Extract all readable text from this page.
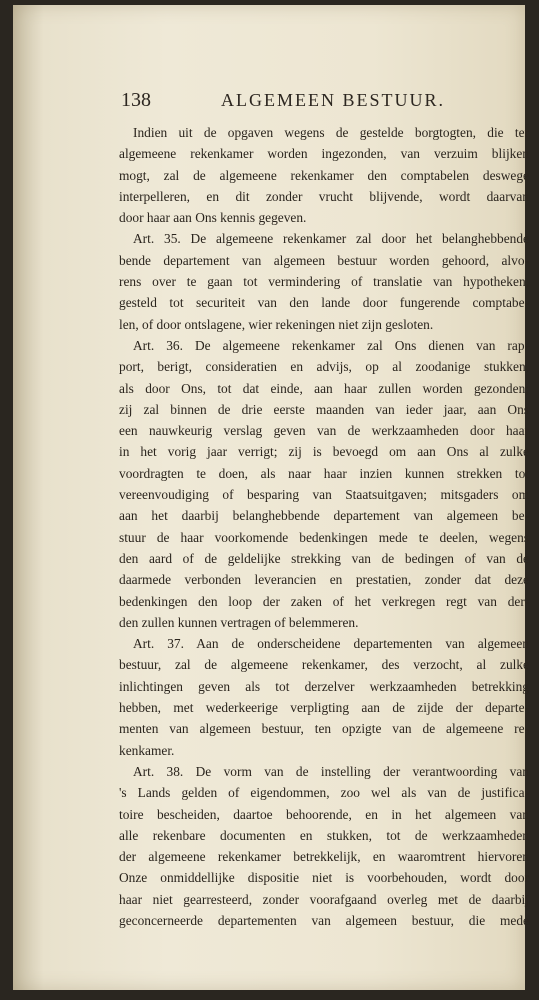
138	ALGEMEEN BESTUUR.
Indien uit de opgaven wegens de gestelde borgtogten, die ter
algemeene rekenkamer worden ingezonden, van verzuim blijken
mogt, zal de algemeene rekenkamer den comptabelen deswege
interpelleren, en dit zonder vrucht blijvende, wordt daarvan
door haar aan Ons kennis gegeven.
Art. 35. De algemeene rekenkamer zal door het belanghebbende
bende departement van algemeen bestuur worden gehoord, alvo-
rens over te gaan tot vermindering of translatie van hypotheken,
gesteld tot securiteit van den lande door fungerende comptabe-
len, of door ontslagene, wier rekeningen niet zijn gesloten.
Art. 36. De algemeene rekenkamer zal Ons dienen van rap-
port, berigt, consideratien en advijs, op al zoodanige stukken,
als door Ons, tot dat einde, aan haar zullen worden gezonden;
zij zal binnen de drie eerste maanden van ieder jaar, aan Ons
een nauwkeurig verslag geven van de werkzaamheden door haar
in het vorig jaar verrigt; zij is bevoegd om aan Ons al zulke
voordragten te doen, als naar haar inzien kunnen strekken tot
vereenvoudiging of besparing van Staatsuitgaven; mitsgaders om
aan het daarbij belanghebbende departement van algemeen be-
stuur de haar voorkomende bedenkingen mede te deelen, wegens
den aard of de geldelijke strekking van de bedingen of van de
daarmede verbonden leverancien en prestatien, zonder dat deze
bedenkingen den loop der zaken of het verkregen regt van der-
den zullen kunnen vertragen of belemmeren.
Art. 37. Aan de onderscheidene departementen van algemeen
bestuur, zal de algemeene rekenkamer, des verzocht, al zulke
inlichtingen geven als tot derzelver werkzaamheden betrekking
hebben, met wederkeerige verpligting aan de zijde der departe-
menten van algemeen bestuur, ten opzigte van de algemeene re-
kenkamer.
Art. 38. De vorm van de instelling der verantwoording van
's Lands gelden of eigendommen, zoo wel als van de justifica-
toire bescheiden, daartoe behoorende, en in het algemeen van
alle rekenbare documenten en stukken, tot de werkzaamheden
der algemeene rekenkamer betrekkelijk, en waaromtrent hiervoren
Onze onmiddellijke dispositie niet is voorbehouden, wordt door
haar niet gearresteerd, zonder voorafgaand overleg met de daarbij
geconcerneerde departementen van algemeen bestuur, die mede
